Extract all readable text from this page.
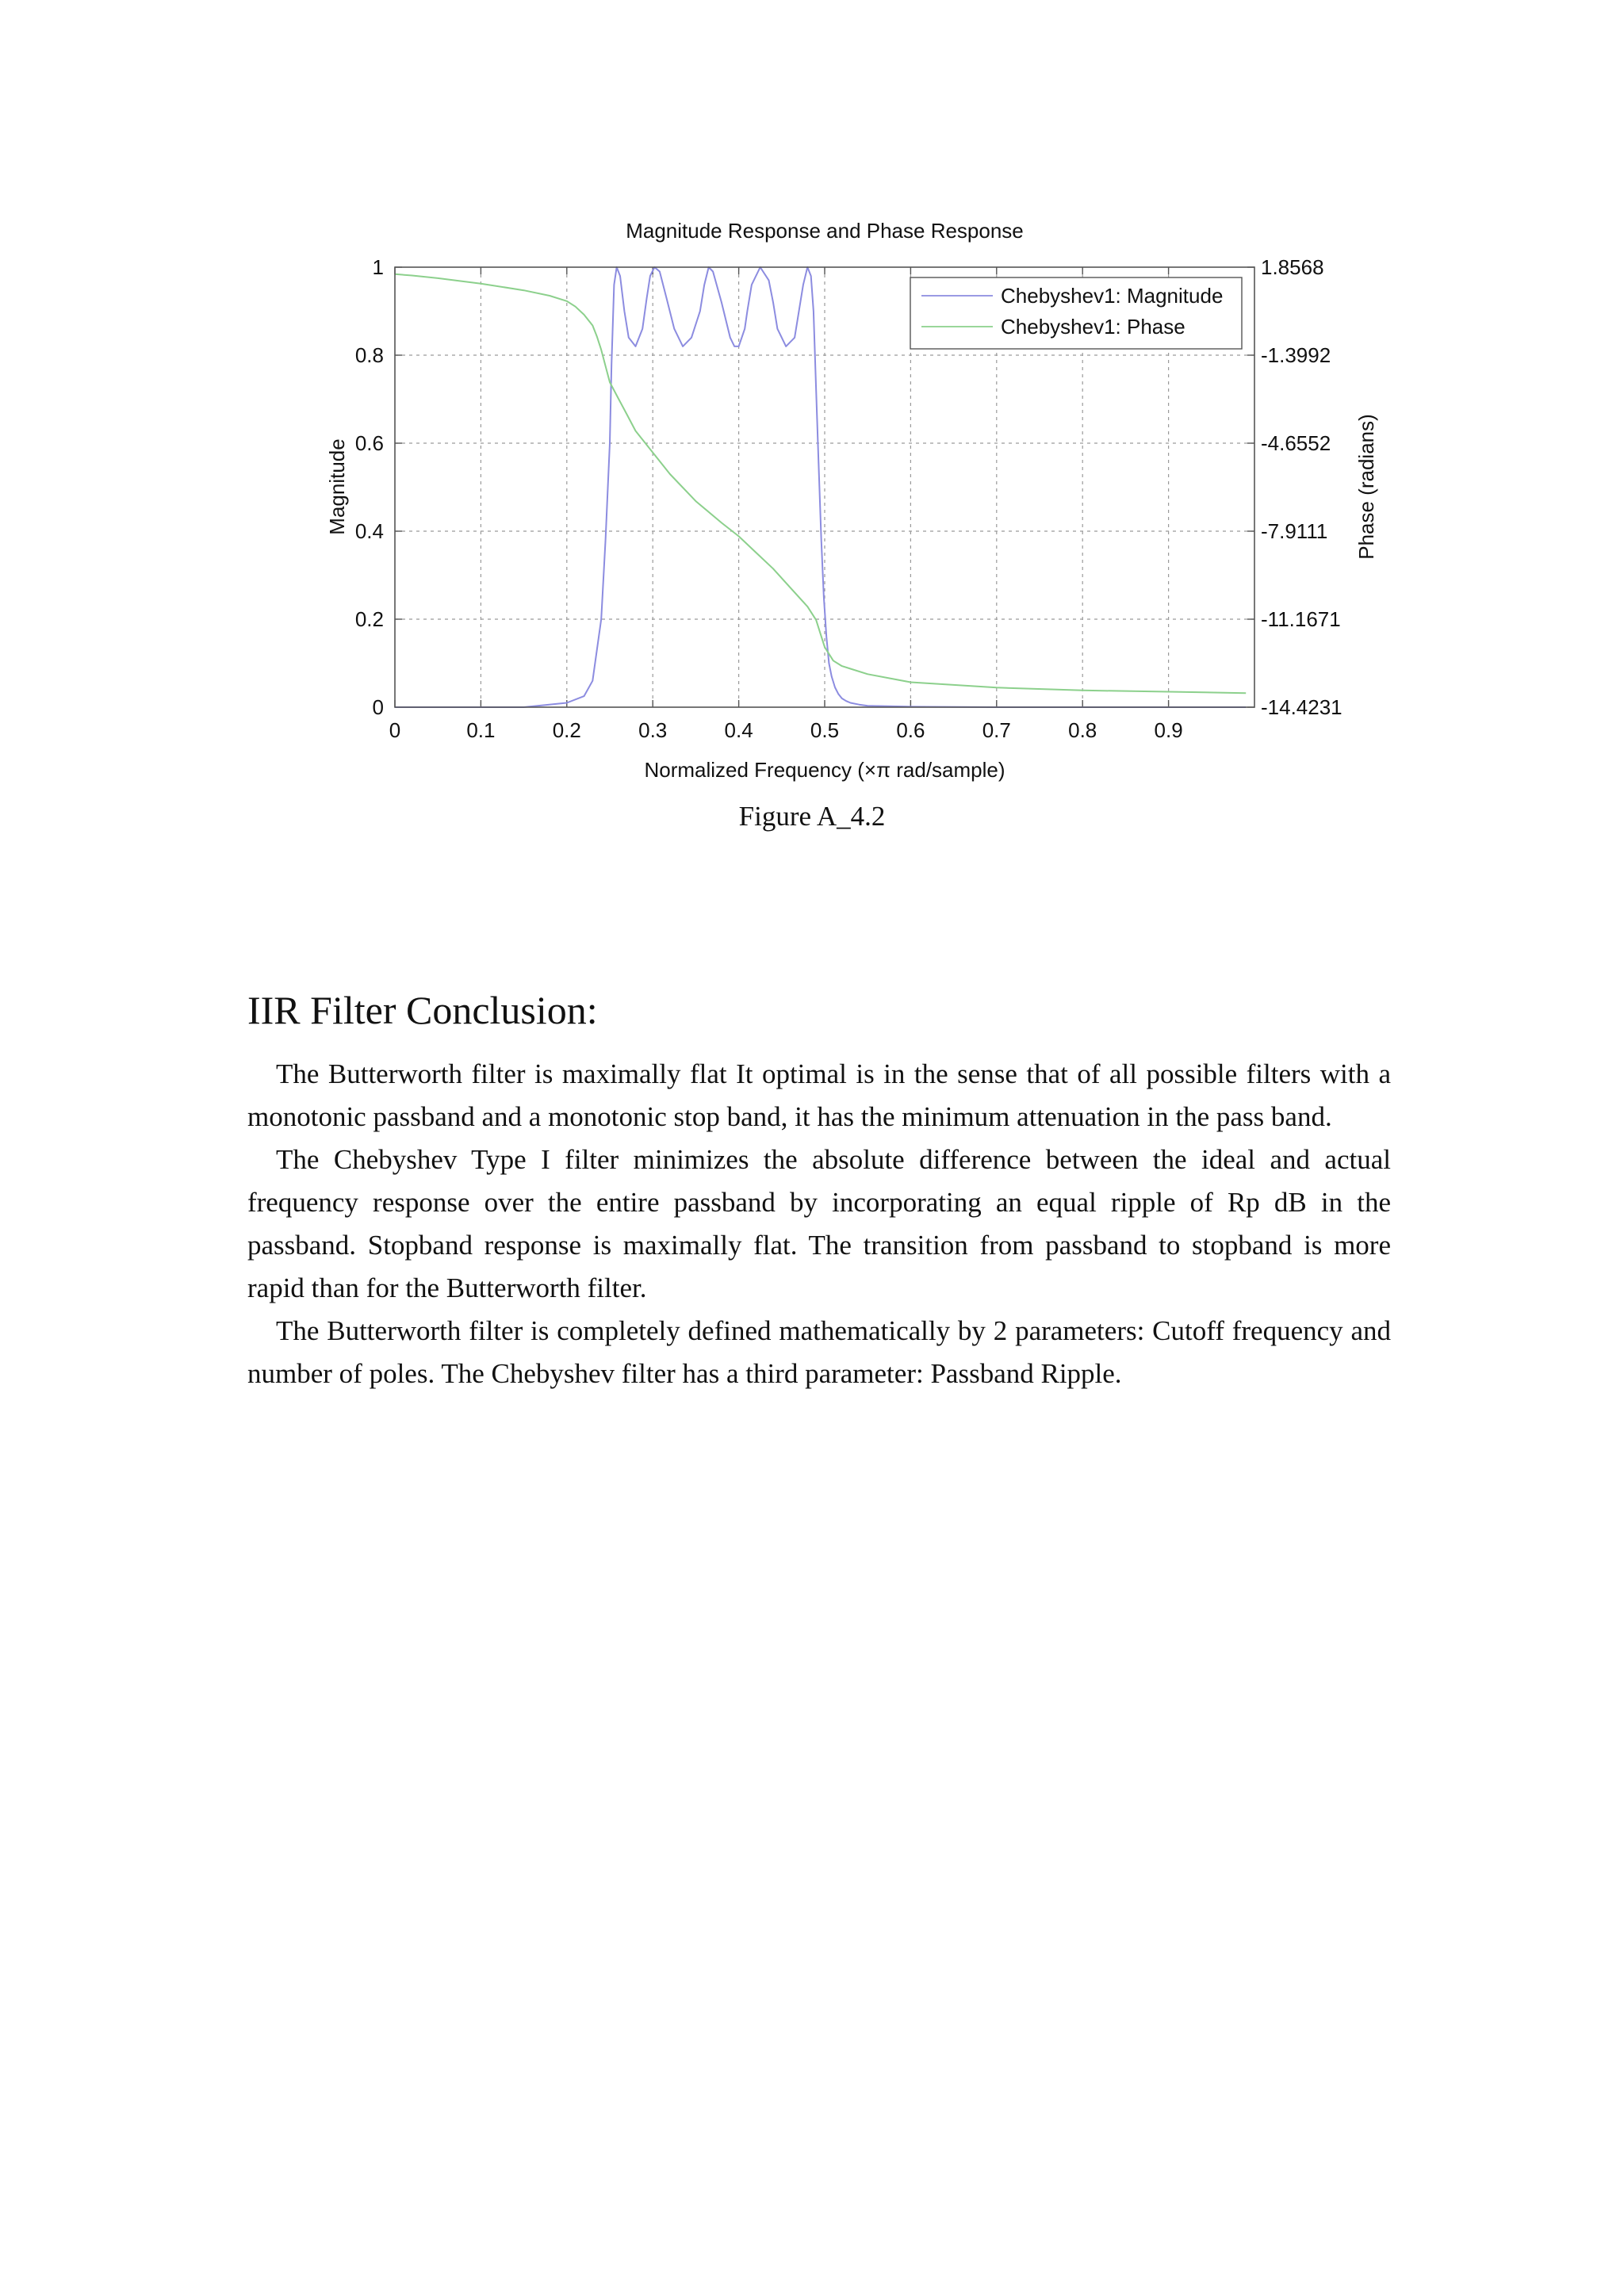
Magnitude Response and Phase Response
0	0.1	0.2	0.3	0.4	0.5	0.6	0.7	0.8	0.9
0
0.2
0.4
0.6
0.8
1
-14.4231
-11.1671
-7.9111
-4.6552
-1.3992
1.8568
Normalized Frequency (×π rad/sample)
Magnitude	Phase (radians)
Chebyshev1: Magnitude
Chebyshev1: Phase
Figure A_4.2
IIR Filter Conclusion:

The Butterworth filter is maximally flat It optimal is in the sense that of all possible filters with a monotonic passband and a monotonic stop band, it has the minimum attenuation in the pass band.

The Chebyshev Type I filter minimizes the absolute difference between the ideal and actual frequency response over the entire passband by incorporating an equal ripple of Rp dB in the passband. Stopband response is maximally flat. The transition from passband to stopband is more rapid than for the Butterworth filter.

The Butterworth filter is completely defined mathematically by 2 parameters: Cutoff frequency and number of poles. The Chebyshev filter has a third parameter: Passband Ripple.
